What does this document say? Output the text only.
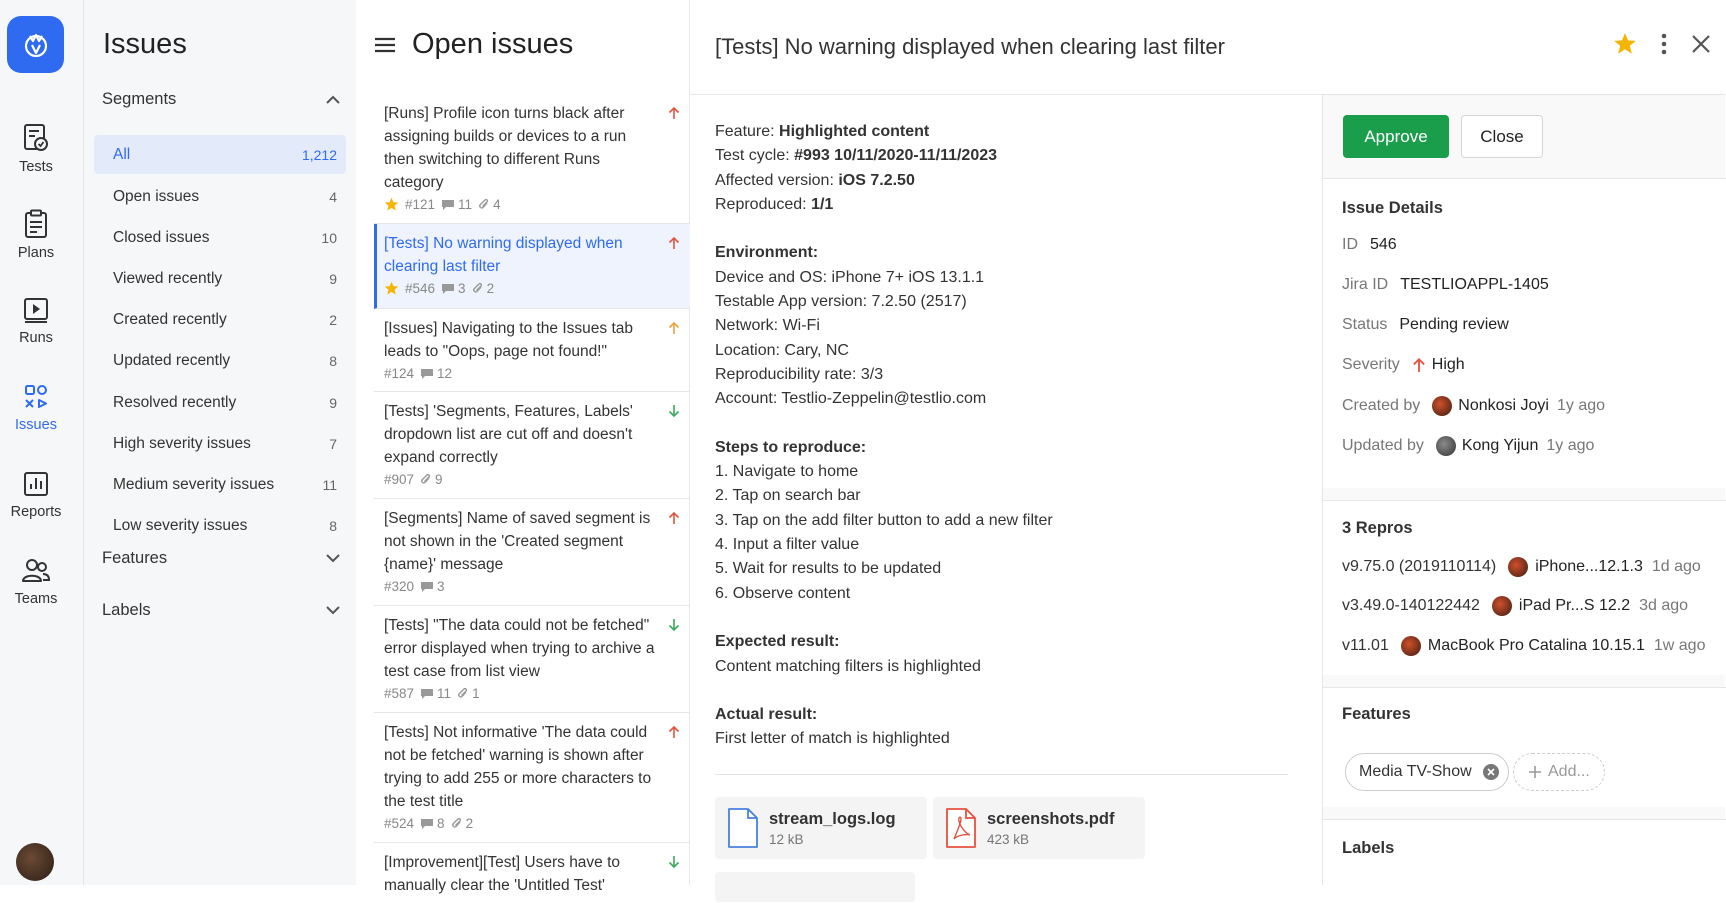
Tests
Plans
Runs
Issues
Reports
Teams
Issues
Segments
All	1,212
Open issues	4
Closed issues	10
Viewed recently	9
Created recently	2
Updated recently	8
Resolved recently	9
High severity issues	7
Medium severity issues	11
Low severity issues	8
Features
Labels
Open issues
[Runs] Profile icon turns black after assigning builds or devices to a run then switching to different Runs category
#121 11 4
[Tests] No warning displayed when clearing last filter
#546 3 2
[Issues] Navigating to the Issues tab leads to "Oops, page not found!"
#124 12
[Tests] 'Segments, Features, Labels' dropdown list are cut off and doesn't expand correctly
#907 9
[Segments] Name of saved segment is not shown in the 'Created segment {name}' message
#320 3
[Tests] "The data could not be fetched" error displayed when trying to archive a test case from list view
#587 11 1
[Tests] Not informative 'The data could not be fetched' warning is shown after trying to add 255 or more characters to the test title
#524 8 2
[Improvement][Test] Users have to manually clear the 'Untitled Test'
[Tests] No warning displayed when clearing last filter
Feature: Highlighted content
Test cycle: #993 10/11/2020-11/11/2023
Affected version: iOS 7.2.50
Reproduced: 1/1
Environment:
Device and OS: iPhone 7+ iOS 13.1.1
Testable App version: 7.2.50 (2517)
Network: Wi-Fi
Location: Cary, NC
Reproducibility rate: 3/3
Account: Testlio-Zeppelin@testlio.com
Steps to reproduce:
1. Navigate to home
2. Tap on search bar
3. Tap on the add filter button to add a new filter
4. Input a filter value
5. Wait for results to be updated
6. Observe content
Expected result:
Content matching filters is highlighted
Actual result:
First letter of match is highlighted
stream_logs.log
12 kB
screenshots.pdf
423 kB
Approve	Close
Issue Details
ID 546
Jira ID TESTLIOAPPL-1405
Status Pending review
Severity High
Created by Nonkosi Joyi 1y ago
Updated by Kong Yijun 1y ago
3 Repros
v9.75.0 (2019110114) iPhone...12.1.3 1d ago
v3.49.0-140122442 iPad Pr...S 12.2 3d ago
v11.01 MacBook Pro Catalina 10.15.1 1w ago
Features
Media TV-Show	Add...
Labels
